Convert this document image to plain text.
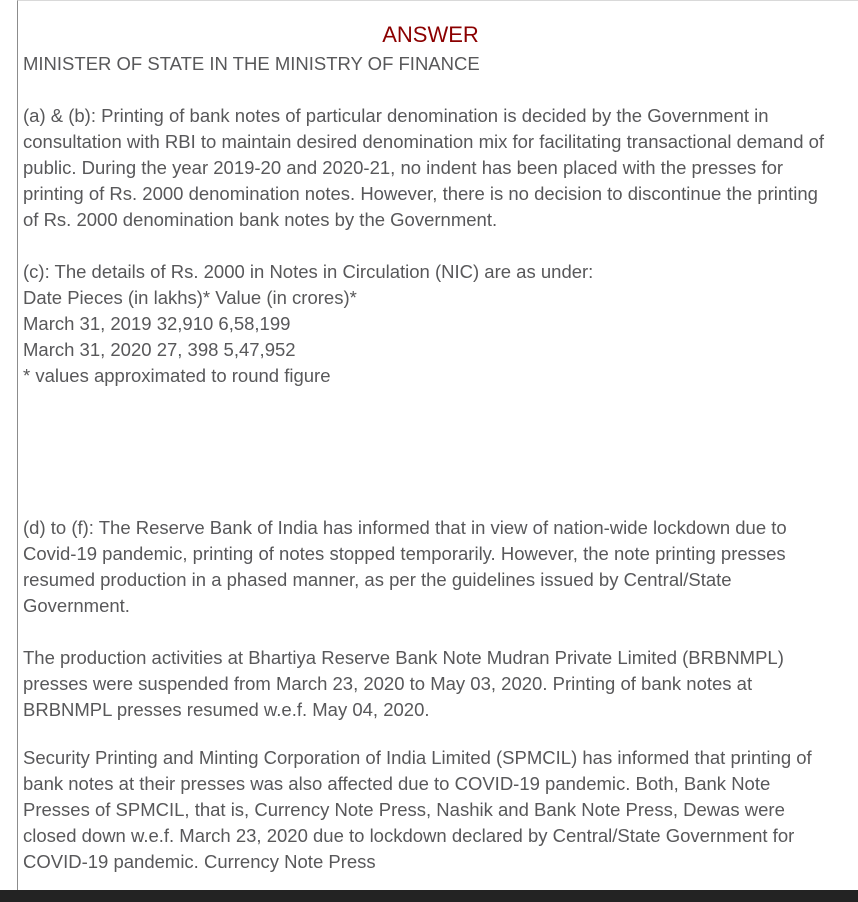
ANSWER
MINISTER OF STATE IN THE MINISTRY OF FINANCE

(a) & (b): Printing of bank notes of particular denomination is decided by the Government in consultation with RBI to maintain desired denomination mix for facilitating transactional demand of public. During the year 2019-20 and 2020-21, no indent has been placed with the presses for printing of Rs. 2000 denomination notes. However, there is no decision to discontinue the printing of Rs. 2000 denomination bank notes by the Government.

(c): The details of Rs. 2000 in Notes in Circulation (NIC) are as under:
Date Pieces (in lakhs)* Value (in crores)*
March 31, 2019 32,910 6,58,199
March 31, 2020 27, 398 5,47,952
* values approximated to round figure

(d) to (f): The Reserve Bank of India has informed that in view of nation-wide lockdown due to Covid-19 pandemic, printing of notes stopped temporarily. However, the note printing presses resumed production in a phased manner, as per the guidelines issued by Central/State Government.

The production activities at Bhartiya Reserve Bank Note Mudran Private Limited (BRBNMPL) presses were suspended from March 23, 2020 to May 03, 2020. Printing of bank notes at BRBNMPL presses resumed w.e.f. May 04, 2020.

Security Printing and Minting Corporation of India Limited (SPMCIL) has informed that printing of bank notes at their presses was also affected due to COVID-19 pandemic. Both, Bank Note Presses of SPMCIL, that is, Currency Note Press, Nashik and Bank Note Press, Dewas were closed down w.e.f. March 23, 2020 due to lockdown declared by Central/State Government for COVID-19 pandemic. Currency Note Press
